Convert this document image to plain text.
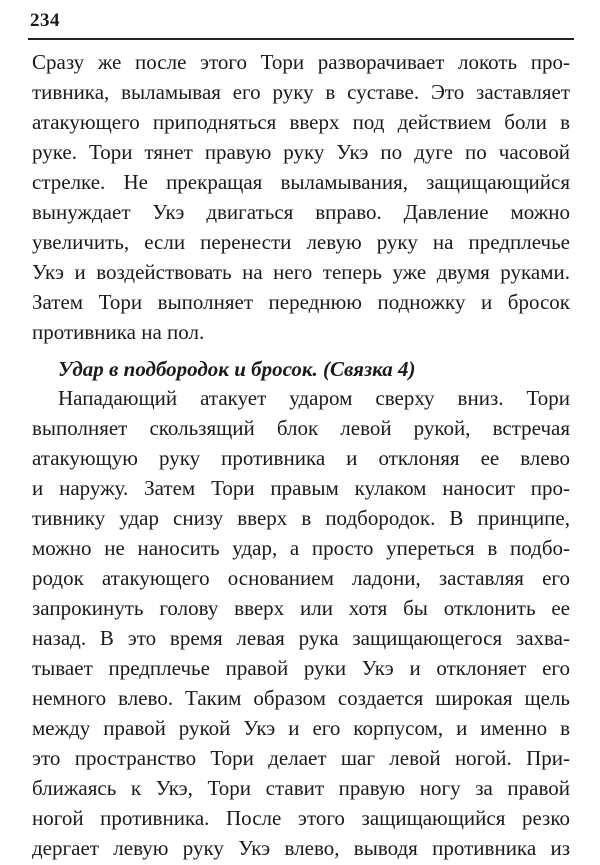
234
Сразу же после этого Тори разворачивает локоть про-
тивника, выламывая его руку в суставе. Это заставляет
атакующего приподняться вверх под действием боли в
руке. Тори тянет правую руку Укэ по дуге по часовой
стрелке. Не прекращая выламывания, защищающийся
вынуждает Укэ двигаться вправо. Давление можно
увеличить, если перенести левую руку на предплечье
Укэ и воздействовать на него теперь уже двумя руками.
Затем Тори выполняет переднюю подножку и бросок
противника на пол.
Удар в подбородок и бросок. (Связка 4)
Нападающий атакует ударом сверху вниз. Тори
выполняет скользящий блок левой рукой, встречая
атакующую руку противника и отклоняя ее влево
и наружу. Затем Тори правым кулаком наносит про-
тивнику удар снизу вверх в подбородок. В принципе,
можно не наносить удар, а просто упереться в подбо-
родок атакующего основанием ладони, заставляя его
запрокинуть голову вверх или хотя бы отклонить ее
назад. В это время левая рука защищающегося захва-
тывает предплечье правой руки Укэ и отклоняет его
немного влево. Таким образом создается широкая щель
между правой рукой Укэ и его корпусом, и именно в
это пространство Тори делает шаг левой ногой. При-
ближаясь к Укэ, Тори ставит правую ногу за правой
ногой противника. После этого защищающийся резко
дергает левую руку Укэ влево, выводя противника из
